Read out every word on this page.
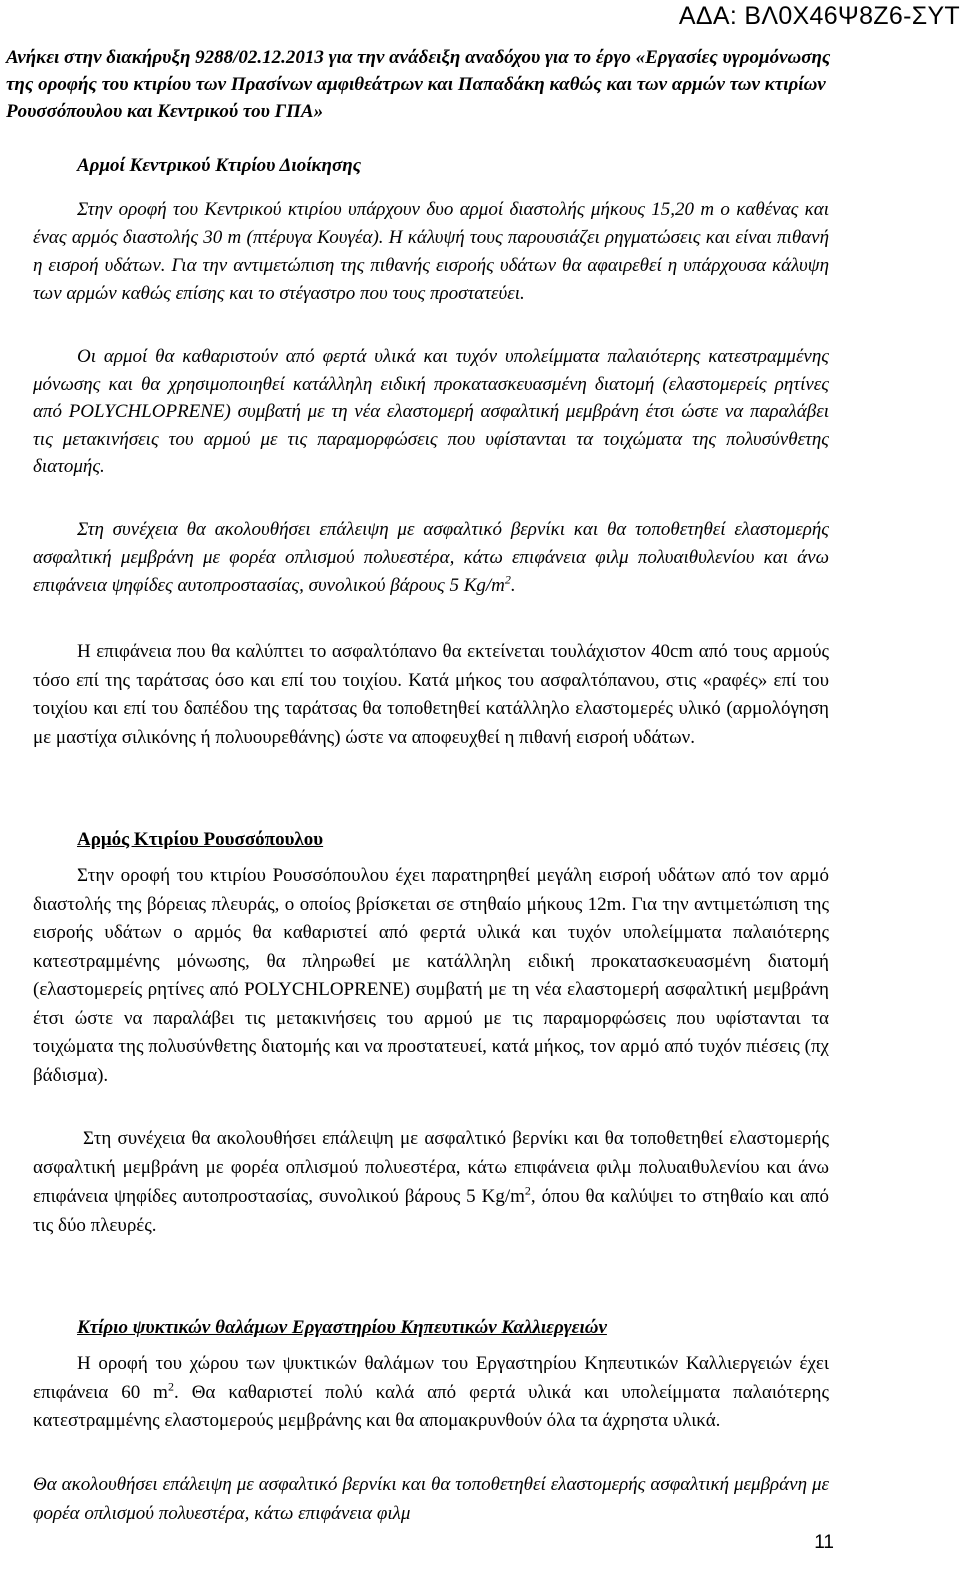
ΑΔΑ: ΒΛ0Χ46Ψ8Ζ6-ΣΥΤ
Ανήκει στην διακήρυξη 9288/02.12.2013 για την ανάδειξη αναδόχου για το έργο «Εργασίες υγρομόνωσης της οροφής του κτιρίου των Πρασίνων αμφιθεάτρων και Παπαδάκη καθώς και των αρμών των κτιρίων Ρουσσόπουλου και Κεντρικού του ΓΠΑ»
Αρμοί Κεντρικού Κτιρίου Διοίκησης
Στην οροφή του Κεντρικού κτιρίου υπάρχουν δυο αρμοί διαστολής μήκους 15,20 m ο καθένας και ένας αρμός διαστολής 30 m (πτέρυγα Κουγέα). Η κάλυψή τους παρουσιάζει ρηγματώσεις και είναι πιθανή η εισροή υδάτων. Για την αντιμετώπιση της πιθανής εισροής υδάτων θα αφαιρεθεί η υπάρχουσα κάλυψη των αρμών καθώς επίσης και το στέγαστρο που τους προστατεύει.
Οι αρμοί θα καθαριστούν από φερτά υλικά και τυχόν υπολείμματα παλαιότερης κατεστραμμένης μόνωσης και θα χρησιμοποιηθεί κατάλληλη ειδική προκατασκευασμένη διατομή (ελαστομερείς ρητίνες από POLYCHLOPRENE) συμβατή με τη νέα ελαστομερή ασφαλτική μεμβράνη έτσι ώστε να παραλάβει τις μετακινήσεις του αρμού με τις παραμορφώσεις που υφίστανται τα τοιχώματα της πολυσύνθετης διατομής.
Στη συνέχεια θα ακολουθήσει επάλειψη με ασφαλτικό βερνίκι και θα τοποθετηθεί ελαστομερής ασφαλτική μεμβράνη με φορέα οπλισμού πολυεστέρα, κάτω επιφάνεια φιλμ πολυαιθυλενίου και άνω επιφάνεια ψηφίδες αυτοπροστασίας, συνολικού βάρους 5 $Kg/m^2$.
Η επιφάνεια που θα καλύπτει το ασφαλτόπανο θα εκτείνεται τουλάχιστον 40cm από τους αρμούς τόσο επί της ταράτσας όσο και επί του τοιχίου. Κατά μήκος του ασφαλτόπανου, στις «ραφές» επί του τοιχίου και επί του δαπέδου της ταράτσας θα τοποθετηθεί κατάλληλο ελαστομερές υλικό (αρμολόγηση με μαστίχα σιλικόνης ή πολυουρεθάνης) ώστε να αποφευχθεί η πιθανή εισροή υδάτων.
Αρμός Κτιρίου Ρουσσόπουλου
Στην οροφή του κτιρίου Ρουσσόπουλου έχει παρατηρηθεί μεγάλη εισροή υδάτων από τον αρμό διαστολής της βόρειας πλευράς, ο οποίος βρίσκεται σε στηθαίο μήκους 12m. Για την αντιμετώπιση της εισροής υδάτων ο αρμός θα καθαριστεί από φερτά υλικά και τυχόν υπολείμματα παλαιότερης κατεστραμμένης μόνωσης, θα πληρωθεί με κατάλληλη ειδική προκατασκευασμένη διατομή (ελαστομερείς ρητίνες από POLYCHLOPRENE) συμβατή με τη νέα ελαστομερή ασφαλτική μεμβράνη έτσι ώστε να παραλάβει τις μετακινήσεις του αρμού με τις παραμορφώσεις που υφίστανται τα τοιχώματα της πολυσύνθετης διατομής και να προστατευεί, κατά μήκος, τον αρμό από τυχόν πιέσεις (πχ βάδισμα).
Στη συνέχεια θα ακολουθήσει επάλειψη με ασφαλτικό βερνίκι και θα τοποθετηθεί ελαστομερής ασφαλτική μεμβράνη με φορέα οπλισμού πολυεστέρα, κάτω επιφάνεια φιλμ πολυαιθυλενίου και άνω επιφάνεια ψηφίδες αυτοπροστασίας, συνολικού βάρους 5 $Kg/m^2$, όπου θα καλύψει το στηθαίο και από τις δύο πλευρές.
Κτίριο ψυκτικών θαλάμων Εργαστηρίου Κηπευτικών Καλλιεργειών
Η οροφή του χώρου των ψυκτικών θαλάμων του Εργαστηρίου Κηπευτικών Καλλιεργειών έχει επιφάνεια 60 $m^2$. Θα καθαριστεί πολύ καλά από φερτά υλικά και υπολείμματα παλαιότερης κατεστραμμένης ελαστομερούς μεμβράνης και θα απομακρυνθούν όλα τα άχρηστα υλικά.
Θα ακολουθήσει επάλειψη με ασφαλτικό βερνίκι και θα τοποθετηθεί ελαστομερής ασφαλτική μεμβράνη με φορέα οπλισμού πολυεστέρα, κάτω επιφάνεια φιλμ
11
